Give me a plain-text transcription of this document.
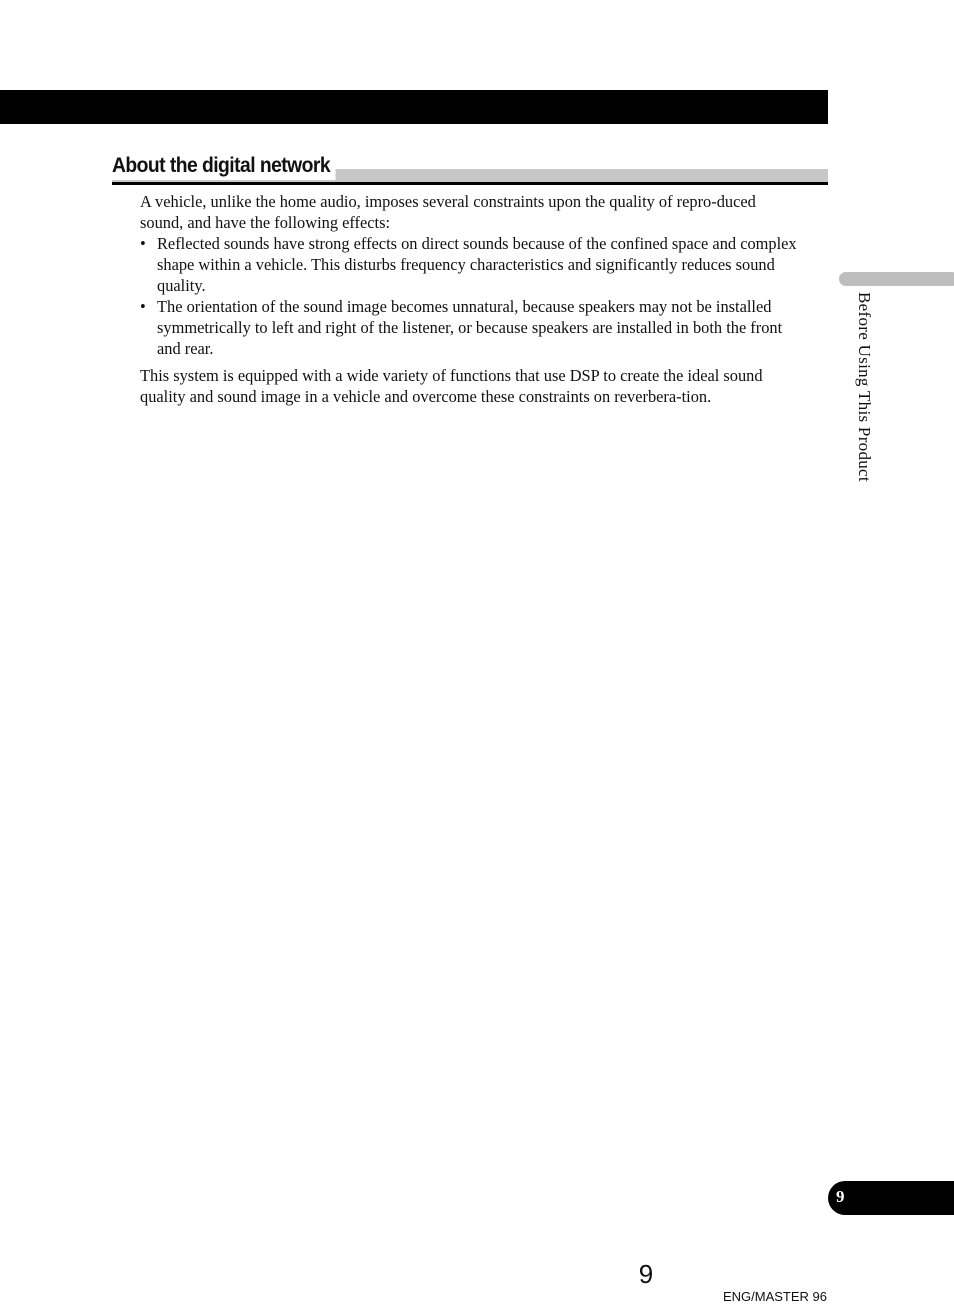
About the digital network

A vehicle, unlike the home audio, imposes several constraints upon the quality of repro-duced sound, and have the following effects:

• Reflected sounds have strong effects on direct sounds because of the confined space and complex shape within a vehicle. This disturbs frequency characteristics and significantly reduces sound quality.
• The orientation of the sound image becomes unnatural, because speakers may not be installed symmetrically to left and right of the listener, or because speakers are installed in both the front and rear.

This system is equipped with a wide variety of functions that use DSP to create the ideal sound quality and sound image in a vehicle and overcome these constraints on reverbera-tion.	Before Using This Product
9
9
ENG/MASTER 96
